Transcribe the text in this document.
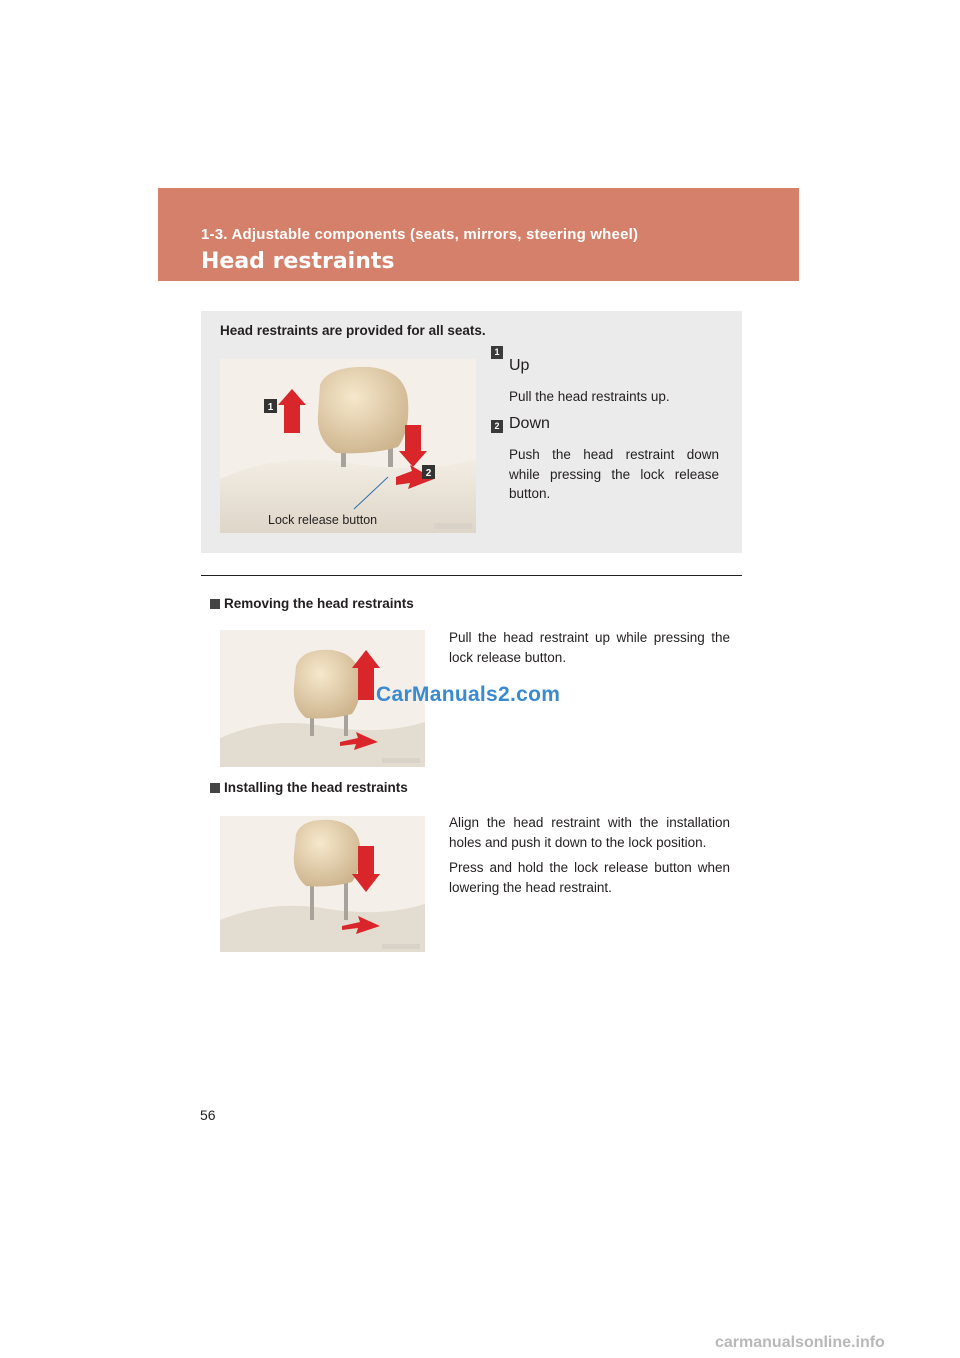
1-3. Adjustable components (seats, mirrors, steering wheel)
Head restraints
Head restraints are provided for all seats.
1
2
Lock release button
1
Up
Pull the head restraints up.
2 Down
Push the head restraint down while pressing the lock release button.
Removing the head restraints
Pull the head restraint up while pressing the lock release button.
CarManuals2.com
Installing the head restraints
Align the head restraint with the installation holes and push it down to the lock position.
Press and hold the lock release button when lowering the head restraint.
56
carmanualsonline.info
